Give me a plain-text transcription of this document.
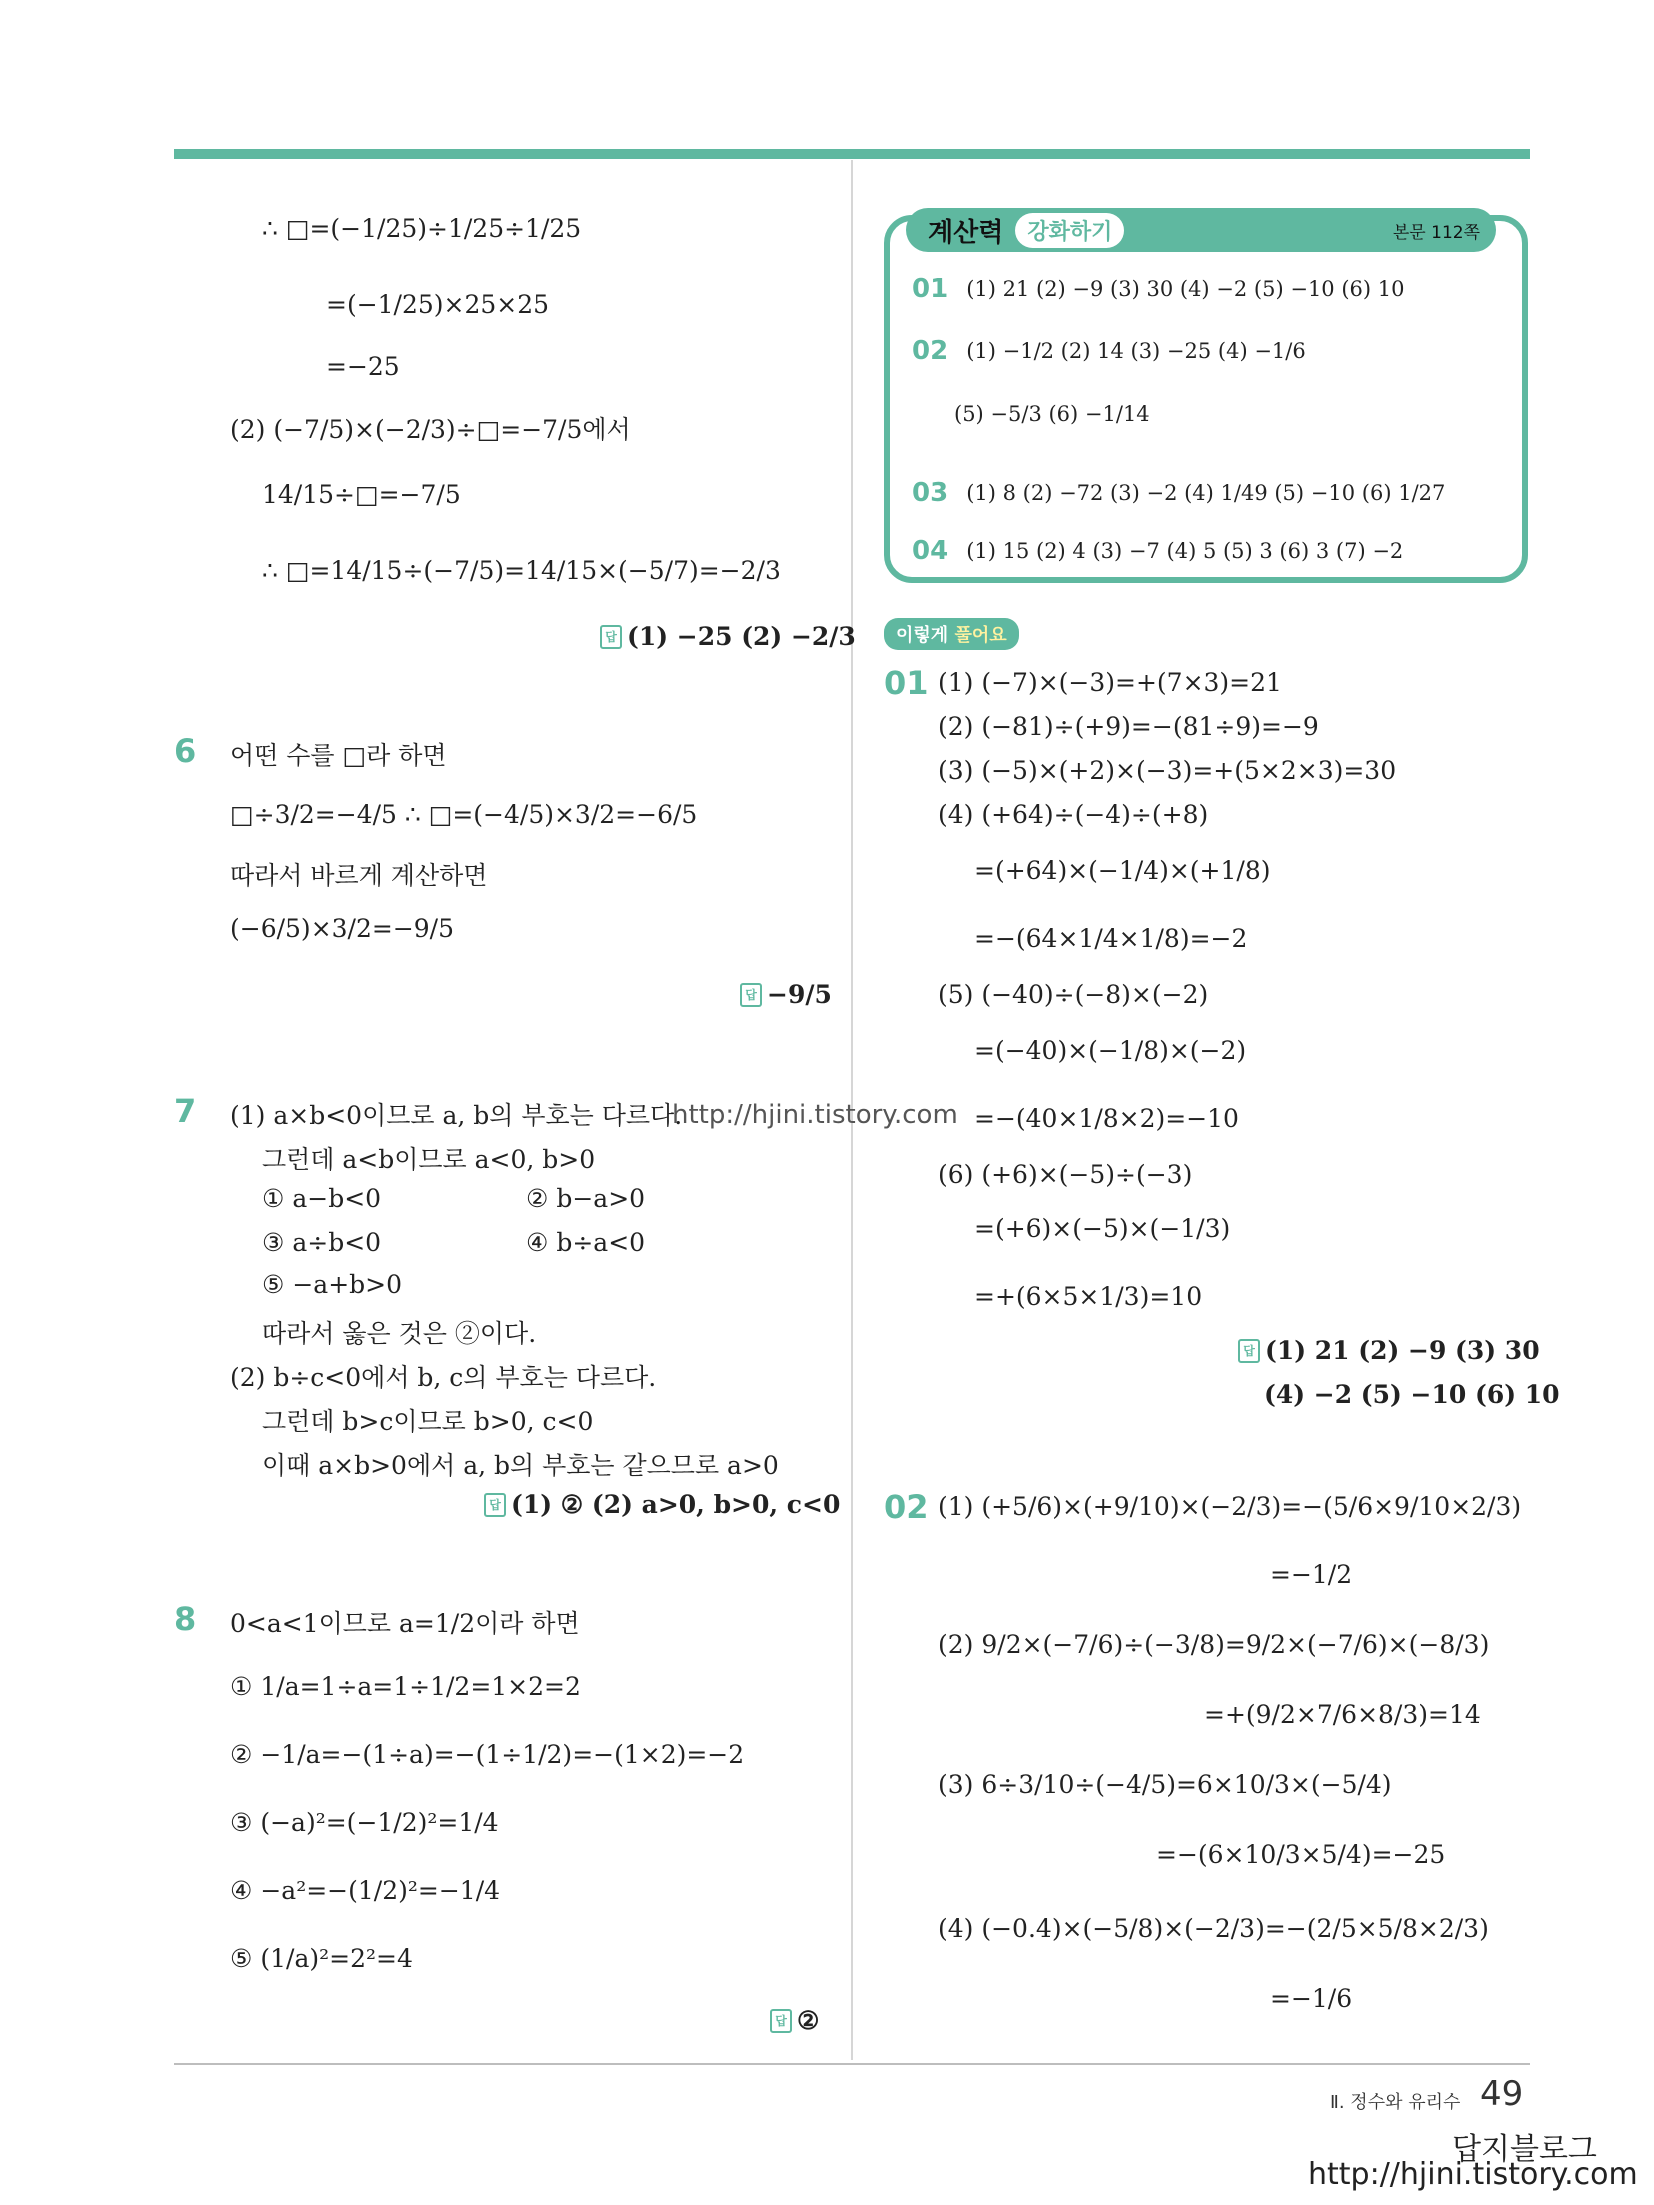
∴ □=(−1/25)÷1/25÷1/25
=(−1/25)×25×25
=−25
(2) (−7/5)×(−2/3)÷□=−7/5에서
14/15÷□=−7/5
∴ □=14/15÷(−7/5)=14/15×(−5/7)=−2/3
답 (1) −25 (2) −2/3
6 어떤 수를 □라 하면
□÷3/2=−4/5 ∴ □=(−4/5)×3/2=−6/5
따라서 바르게 계산하면
(−6/5)×3/2=−9/5
답 −9/5
7 (1) a×b<0이므로 a, b의 부호는 다르다.
그런데 a<b이므로 a<0, b>0
① a−b<0	② b−a>0
③ a÷b<0	④ b÷a<0
⑤ −a+b>0
따라서 옳은 것은 ②이다.
(2) b÷c<0에서 b, c의 부호는 다르다.
그런데 b>c이므로 b>0, c<0
이때 a×b>0에서 a, b의 부호는 같으므로 a>0
답 (1) ② (2) a>0, b>0, c<0
8 0<a<1이므로 a=1/2이라 하면
① 1/a=1÷a=1÷1/2=1×2=2
② −1/a=−(1÷a)=−(1÷1/2)=−(1×2)=−2
③ (−a)²=(−1/2)²=1/4
④ −a²=−(1/2)²=−1/4
⑤ (1/a)²=2²=4
답 ②
계산력	강화하기	본문 112쪽
01 (1) 21 (2) −9 (3) 30 (4) −2 (5) −10 (6) 10
02 (1) −1/2 (2) 14 (3) −25 (4) −1/6
(5) −5/3 (6) −1/14
03 (1) 8 (2) −72 (3) −2 (4) 1/49 (5) −10 (6) 1/27
04 (1) 15 (2) 4 (3) −7 (4) 5 (5) 3 (6) 3 (7) −2
이렇게 풀어요
01 (1) (−7)×(−3)=+(7×3)=21
(2) (−81)÷(+9)=−(81÷9)=−9
(3) (−5)×(+2)×(−3)=+(5×2×3)=30
(4) (+64)÷(−4)÷(+8)
=(+64)×(−1/4)×(+1/8)
=−(64×1/4×1/8)=−2
(5) (−40)÷(−8)×(−2)
=(−40)×(−1/8)×(−2)
=−(40×1/8×2)=−10
(6) (+6)×(−5)÷(−3)
=(+6)×(−5)×(−1/3)
=+(6×5×1/3)=10
답 (1) 21 (2) −9 (3) 30
(4) −2 (5) −10 (6) 10
02 (1) (+5/6)×(+9/10)×(−2/3)=−(5/6×9/10×2/3)
=−1/2
(2) 9/2×(−7/6)÷(−3/8)=9/2×(−7/6)×(−8/3)
=+(9/2×7/6×8/3)=14
(3) 6÷3/10÷(−4/5)=6×10/3×(−5/4)
=−(6×10/3×5/4)=−25
(4) (−0.4)×(−5/8)×(−2/3)=−(2/5×5/8×2/3)
=−1/6
http://hjini.tistory.com
Ⅱ. 정수와 유리수 49
답지블로그
http://hjini.tistory.com
